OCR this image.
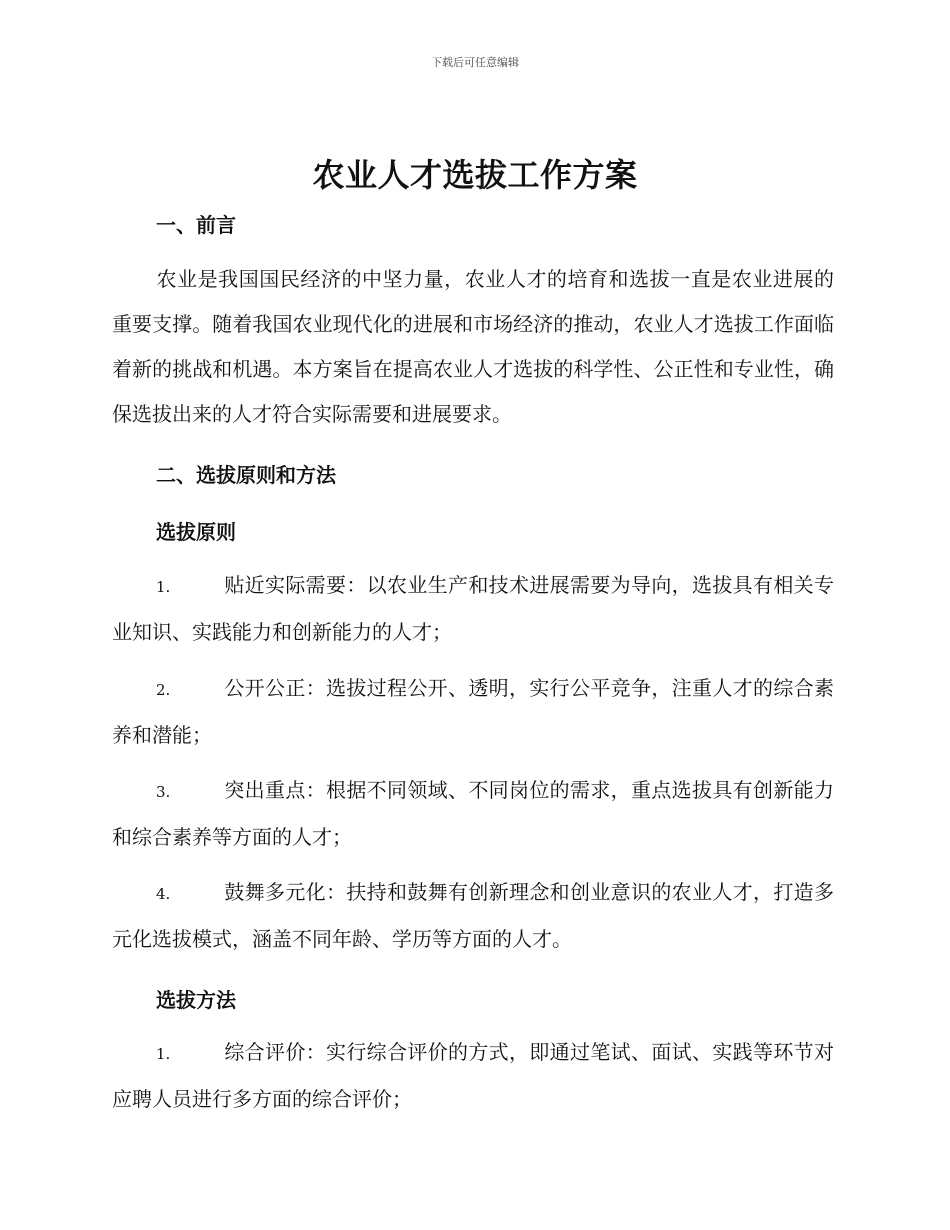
下载后可任意编辑
农业人才选拔工作方案
一、前言

农业是我国国民经济的中坚力量，农业人才的培育和选拔一直是农业进展的重要支撑。随着我国农业现代化的进展和市场经济的推动，农业人才选拔工作面临着新的挑战和机遇。本方案旨在提高农业人才选拔的科学性、公正性和专业性，确保选拔出来的人才符合实际需要和进展要求。

二、选拔原则和方法
选拔原则

1.	贴近实际需要：以农业生产和技术进展需要为导向，选拔具有相关专业知识、实践能力和创新能力的人才；

2.	公开公正：选拔过程公开、透明，实行公平竞争，注重人才的综合素养和潜能；

3.	突出重点：根据不同领域、不同岗位的需求，重点选拔具有创新能力和综合素养等方面的人才；

4.	鼓舞多元化：扶持和鼓舞有创新理念和创业意识的农业人才，打造多元化选拔模式，涵盖不同年龄、学历等方面的人才。

选拔方法

1.	综合评价：实行综合评价的方式，即通过笔试、面试、实践等环节对应聘人员进行多方面的综合评价；
